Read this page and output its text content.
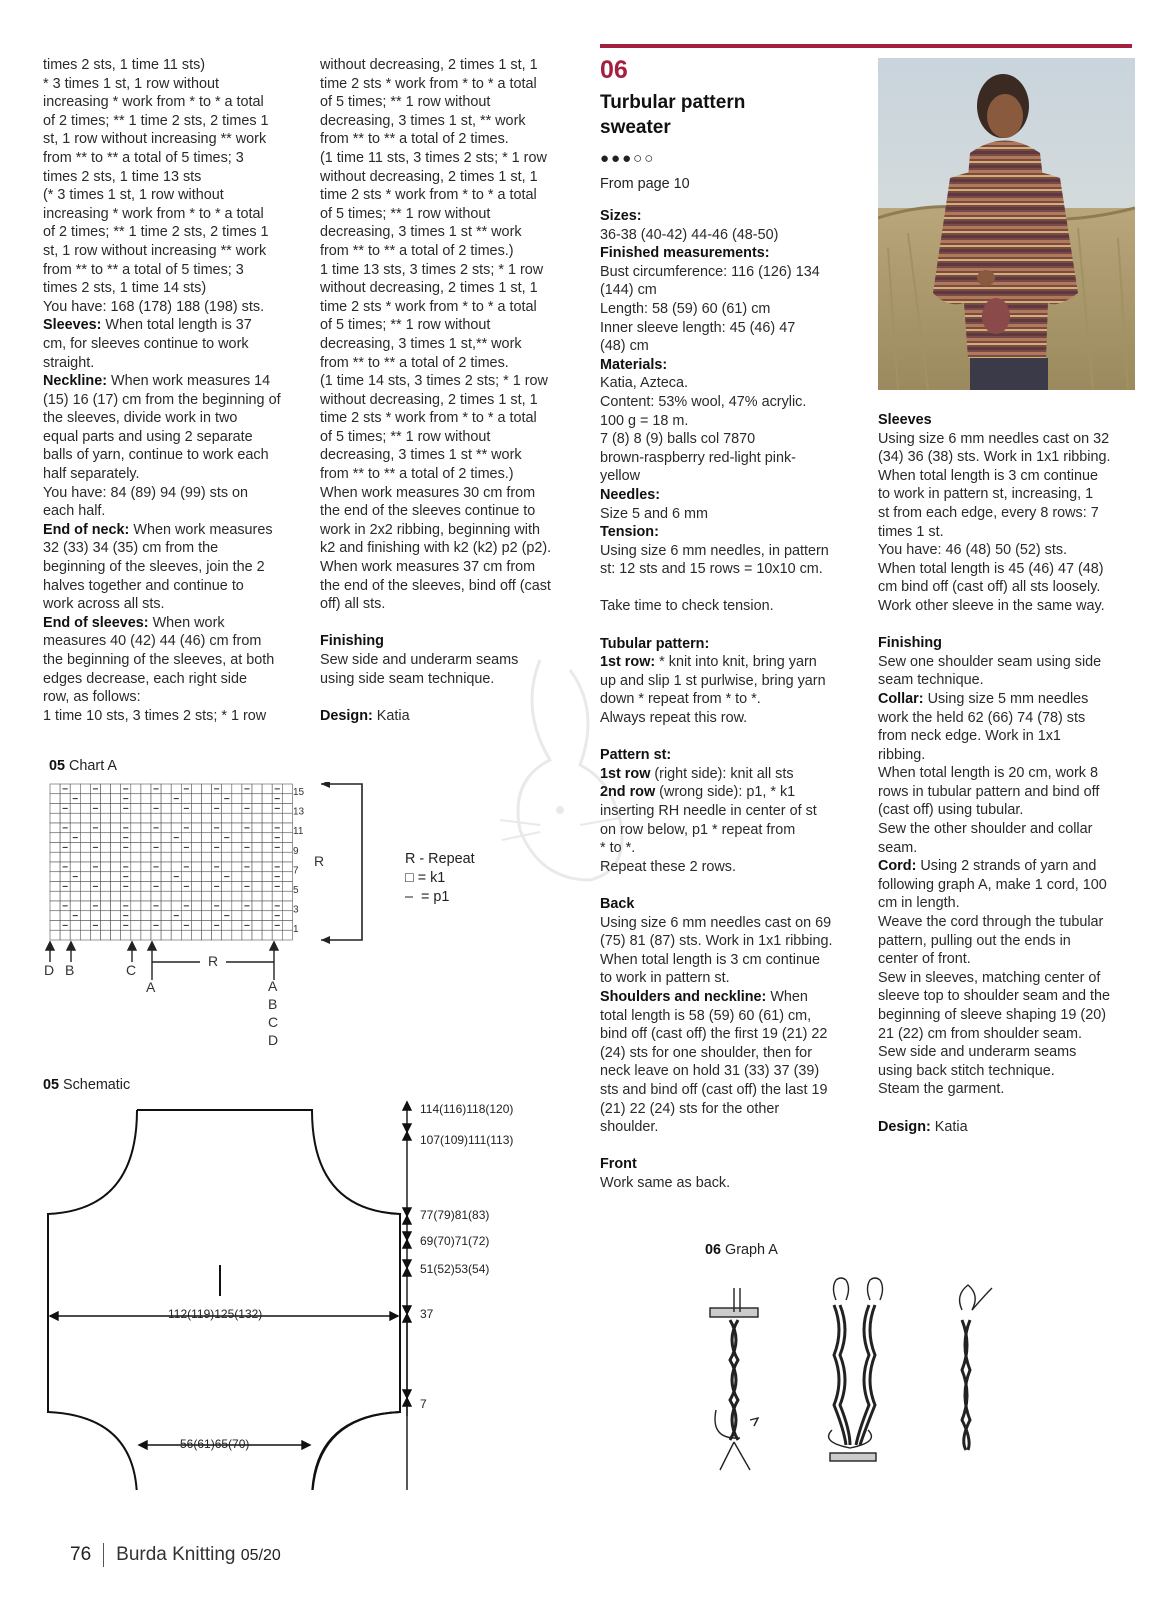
times 2 sts, 1 time 11 sts)

* 3 times 1 st, 1 row without

increasing * work from * to * a total

of 2 times; ** 1 time 2 sts, 2 times 1

st, 1 row without increasing ** work

from ** to ** a total of 5 times; 3

times 2 sts, 1 time 13 sts

(* 3 times 1 st, 1 row without

increasing * work from * to * a total

of 2 times; ** 1 time 2 sts, 2 times 1

st, 1 row without increasing ** work

from ** to ** a total of 5 times; 3

times 2 sts, 1 time 14 sts)

You have: 168 (178) 188 (198) sts.

Sleeves: When total length is 37

cm, for sleeves continue to work

straight.

Neckline: When work measures 14

(15) 16 (17) cm from the beginning of

the sleeves, divide work in two

equal parts and using 2 separate

balls of yarn, continue to work each

half separately.

You have: 84 (89) 94 (99) sts on

each half.

End of neck: When work measures

32 (33) 34 (35) cm from the

beginning of the sleeves, join the 2

halves together and continue to

work across all sts.

End of sleeves: When work

measures 40 (42) 44 (46) cm from

the beginning of the sleeves, at both

edges decrease, each right side

row, as follows:

1 time 10 sts, 3 times 2 sts; * 1 row

without decreasing, 2 times 1 st, 1

time 2 sts * work from * to * a total

of 5 times; ** 1 row without

decreasing, 3 times 1 st, ** work

from ** to ** a total of 2 times.

(1 time 11 sts, 3 times 2 sts; * 1 row

without decreasing, 2 times 1 st, 1

time 2 sts * work from * to * a total

of 5 times; ** 1 row without

decreasing, 3 times 1 st ** work

from ** to ** a total of 2 times.)

1 time 13 sts, 3 times 2 sts; * 1 row

without decreasing, 2 times 1 st, 1

time 2 sts * work from * to * a total

of 5 times; ** 1 row without

decreasing, 3 times 1 st,** work

from ** to ** a total of 2 times.

(1 time 14 sts, 3 times 2 sts; * 1 row

without decreasing, 2 times 1 st, 1

time 2 sts * work from * to * a total

of 5 times; ** 1 row without

decreasing, 3 times 1 st ** work

from ** to ** a total of 2 times.)

When work measures 30 cm from

the end of the sleeves continue to

work in 2x2 ribbing, beginning with

k2 and finishing with k2 (k2) p2 (p2).

When work measures 37 cm from

the end of the sleeves, bind off (cast

off) all sts.

Finishing

Sew side and underarm seams

using side seam technique.

Design: Katia

06
Turbular pattern
sweater
●●●○○
From page 10

Sizes:

36-38 (40-42) 44-46 (48-50)

Finished measurements:

Bust circumference: 116 (126) 134

(144) cm

Length: 58 (59) 60 (61) cm

Inner sleeve length: 45 (46) 47

(48) cm

Materials:

Katia, Azteca.

Content: 53% wool, 47% acrylic.

100 g = 18 m.

7 (8) 8 (9) balls col 7870

brown-raspberry red-light pink-

yellow

Needles:

Size 5 and 6 mm

Tension:

Using size 6 mm needles, in pattern

st: 12 sts and 15 rows = 10x10 cm.

Take time to check tension.

Tubular pattern:

1st row: * knit into knit, bring yarn

up and slip 1 st purlwise, bring yarn

down * repeat from * to *.

Always repeat this row.

Pattern st:

1st row (right side): knit all sts

2nd row (wrong side): p1, * k1

inserting RH needle in center of st

on row below, p1 * repeat from

* to *.

Repeat these 2 rows.

Back

Using size 6 mm needles cast on 69

(75) 81 (87) sts. Work in 1x1 ribbing.

When total length is 3 cm continue

to work in pattern st.

Shoulders and neckline: When

total length is 58 (59) 60 (61) cm,

bind off (cast off) the first 19 (21) 22

(24) sts for one shoulder, then for

neck leave on hold 31 (33) 37 (39)

sts and bind off (cast off) the last 19

(21) 22 (24) sts for the other

shoulder.

Front

Work same as back.

Sleeves

Using size 6 mm needles cast on 32

(34) 36 (38) sts. Work in 1x1 ribbing.

When total length is 3 cm continue

to work in pattern st, increasing, 1

st from each edge, every 8 rows: 7

times 1 st.

You have: 46 (48) 50 (52) sts.

When total length is 45 (46) 47 (48)

cm bind off (cast off) all sts loosely.

Work other sleeve in the same way.

Finishing

Sew one shoulder seam using side

seam technique.

Collar: Using size 5 mm needles

work the held 62 (66) 74 (78) sts

from neck edge. Work in 1x1

ribbing.

When total length is 20 cm, work 8

rows in tubular pattern and bind off

(cast off) using tubular.

Sew the other shoulder and collar

seam.

Cord: Using 2 strands of yarn and

following graph A, make 1 cord, 100

cm in length.

Weave the cord through the tubular

pattern, pulling out the ends in

center of front.

Sew in sleeves, matching center of

sleeve top to shoulder seam and the

beginning of sleeve shaping 19 (20)

21 (22) cm from shoulder seam.

Sew side and underarm seams

using back stitch technique.

Steam the garment.

Design: Katia

05 Chart A
15
13
11
9
7
5
3
1
R
D B	C
A
R
A
B
C
D
R - Repeat
□ = k1
– = p1
05 Schematic
114(116)118(120)
107(109)111(113)
77(79)81(83)
69(70)71(72)
51(52)53(54)
37
7
112(119)125(132)
56(61)65(70)
06 Graph A
76 Burda Knitting 05/20
